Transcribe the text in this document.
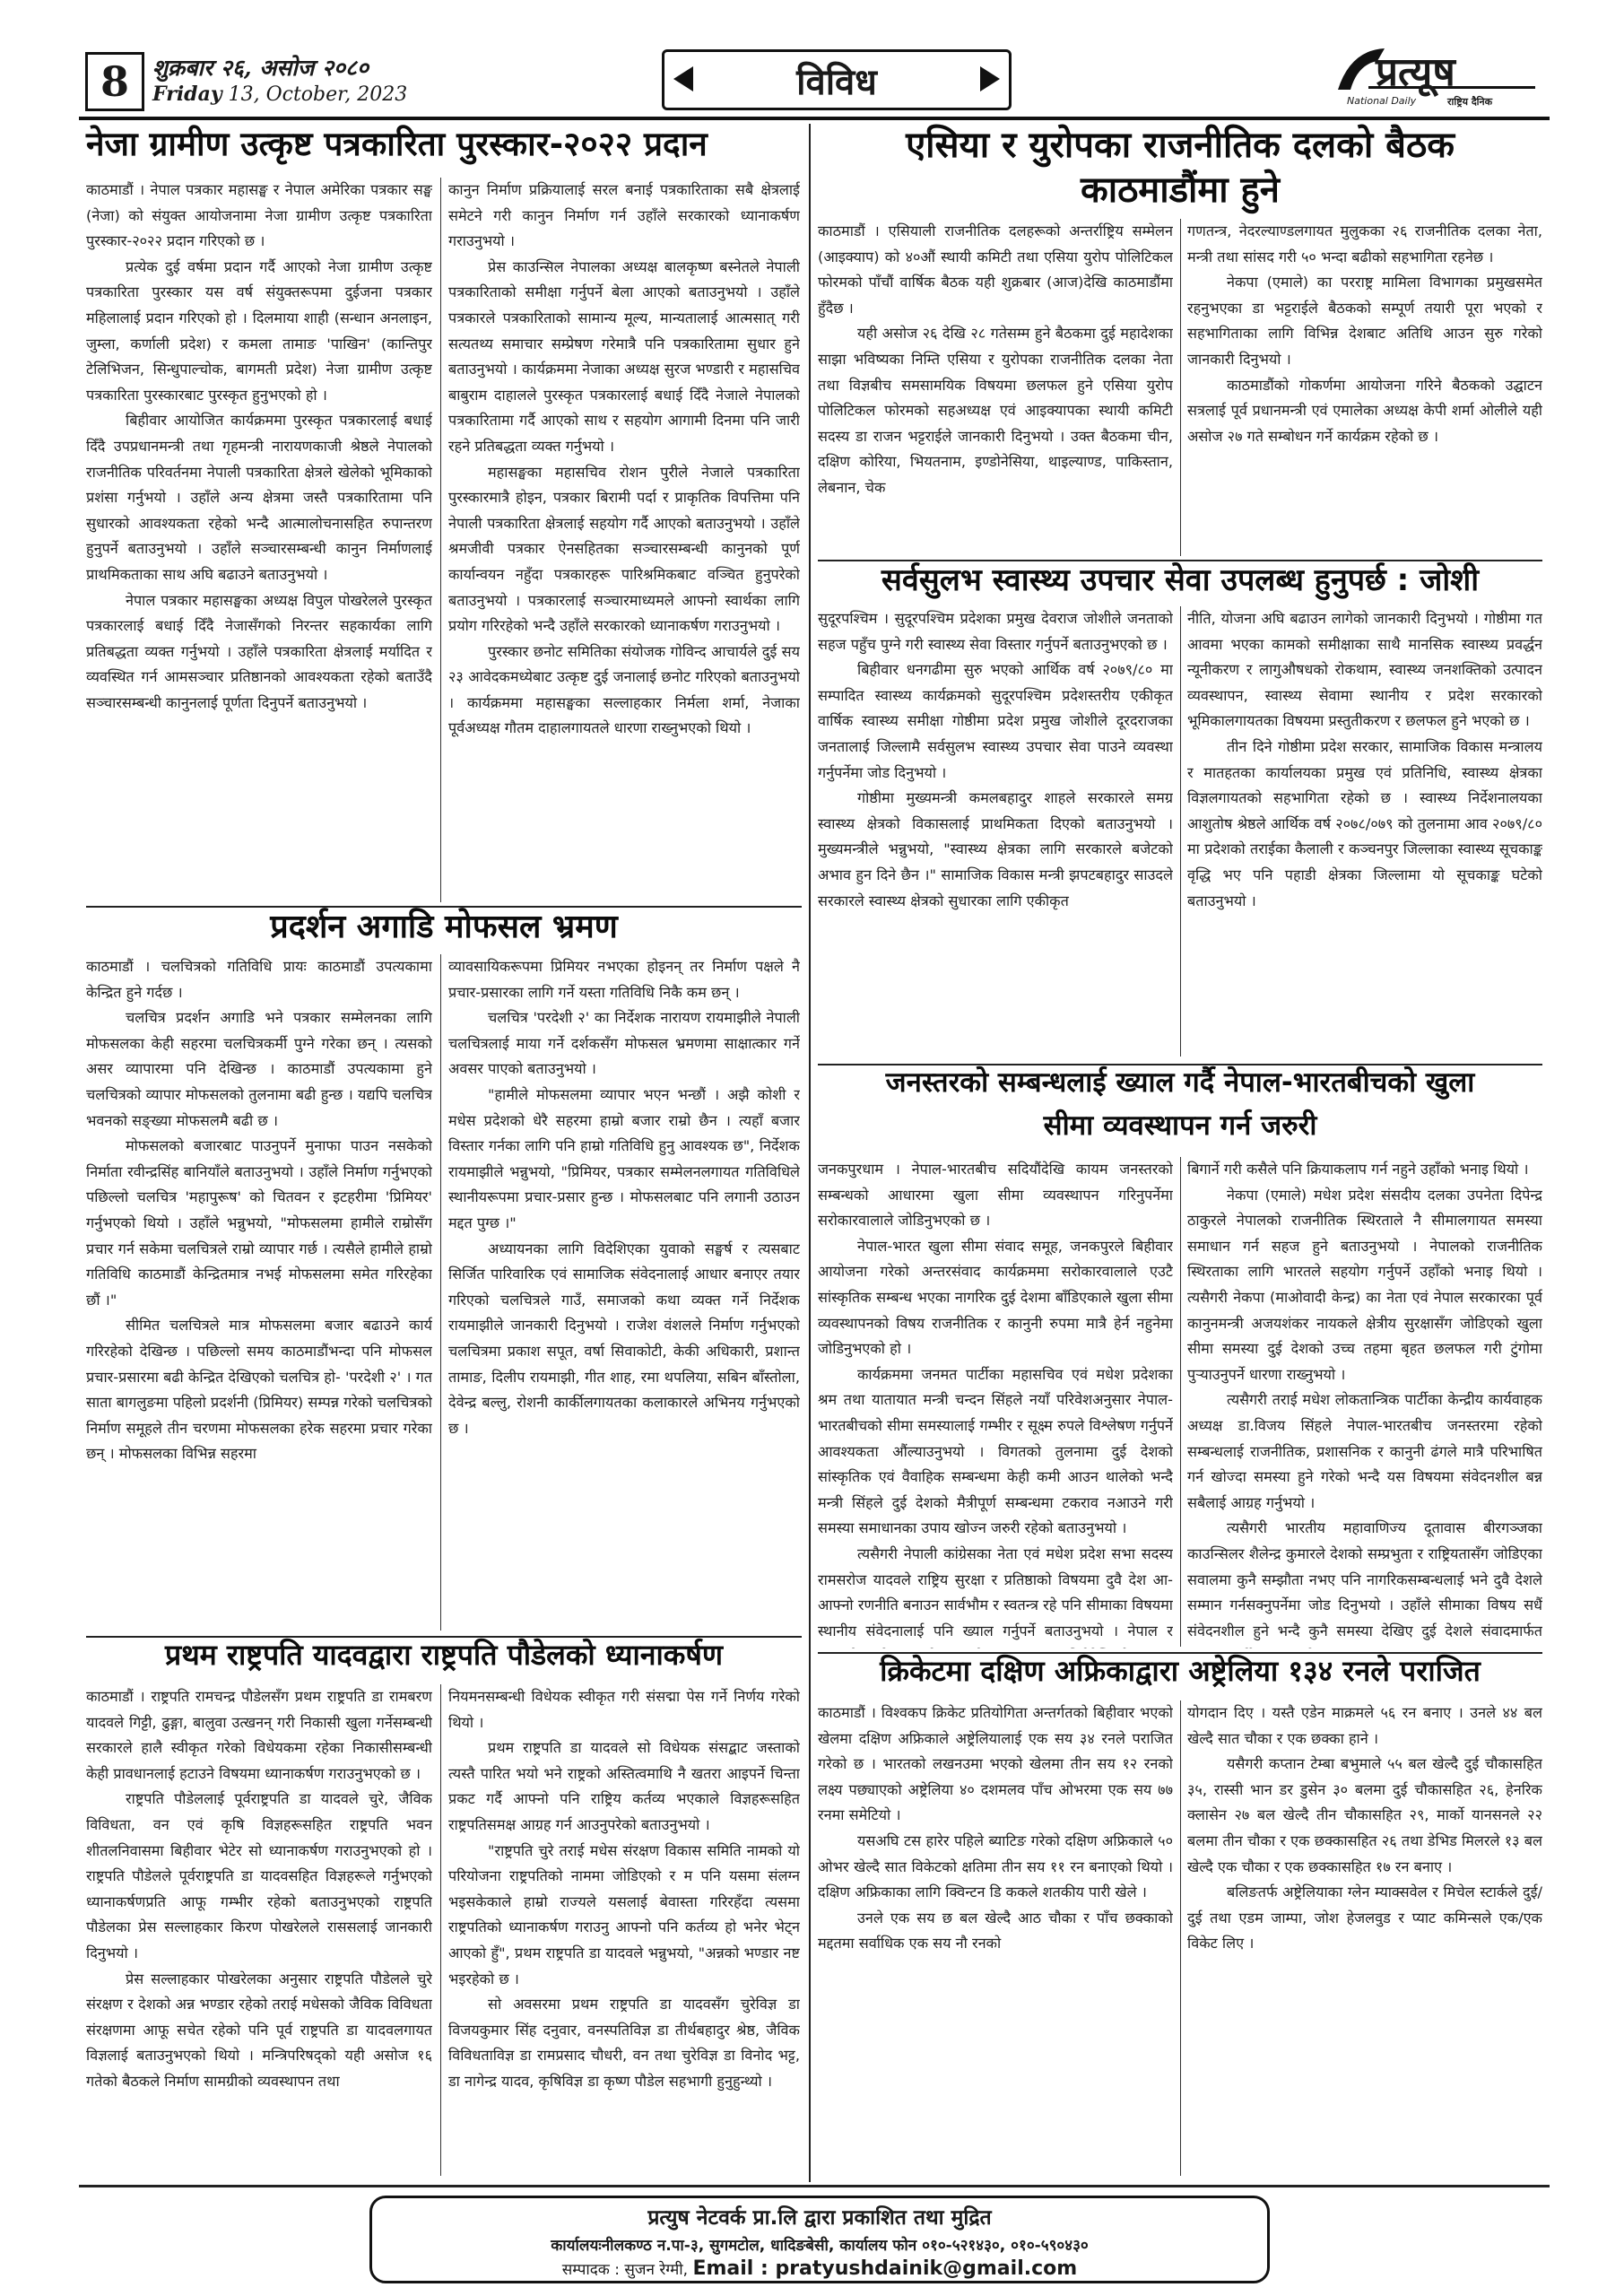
8	शुक्रबार २६, असोज २०८०
Friday 13, October, 2023	विविध	प्रत्यूष
National Daily	राष्ट्रिय दैनिक
नेजा ग्रामीण उत्कृष्ट पत्रकारिता पुरस्कार-२०२२ प्रदान

काठमाडौं । नेपाल पत्रकार महासङ्घ र नेपाल अमेरिका पत्रकार सङ्घ (नेजा) को संयुक्त आयोजनामा नेजा ग्रामीण उत्कृष्ट पत्रकारिता पुरस्कार-२०२२ प्रदान गरिएको छ ।

प्रत्येक दुई वर्षमा प्रदान गर्दै आएको नेजा ग्रामीण उत्कृष्ट पत्रकारिता पुरस्कार यस वर्ष संयुक्तरूपमा दुईजना पत्रकार महिलालाई प्रदान गरिएको हो । दिलमाया शाही (सन्धान अनलाइन, जुम्ला, कर्णाली प्रदेश) र कमला तामाङ 'पाखिन' (कान्तिपुर टेलिभिजन, सिन्धुपाल्चोक, बागमती प्रदेश) नेजा ग्रामीण उत्कृष्ट पत्रकारिता पुरस्कारबाट पुरस्कृत हुनुभएको हो ।

बिहीवार आयोजित कार्यक्रममा पुरस्कृत पत्रकारलाई बधाई दिँदै उपप्रधानमन्त्री तथा गृहमन्त्री नारायणकाजी श्रेष्ठले नेपालको राजनीतिक परिवर्तनमा नेपाली पत्रकारिता क्षेत्रले खेलेको भूमिकाको प्रशंसा गर्नुभयो । उहाँले अन्य क्षेत्रमा जस्तै पत्रकारितामा पनि सुधारको आवश्यकता रहेको भन्दै आत्मालोचनासहित रुपान्तरण हुनुपर्ने बताउनुभयो । उहाँले सञ्चारसम्बन्धी कानुन निर्माणलाई प्राथमिकताका साथ अघि बढाउने बताउनुभयो ।

नेपाल पत्रकार महासङ्घका अध्यक्ष विपुल पोखरेलले पुरस्कृत पत्रकारलाई बधाई दिँदै नेजासँगको निरन्तर सहकार्यका लागि प्रतिबद्धता व्यक्त गर्नुभयो । उहाँले पत्रकारिता क्षेत्रलाई मर्यादित र व्यवस्थित गर्न आमसञ्चार प्रतिष्ठानको आवश्यकता रहेको बताउँदै सञ्चारसम्बन्धी कानुनलाई पूर्णता दिनुपर्ने बताउनुभयो ।

कानुन निर्माण प्रक्रियालाई सरल बनाई पत्रकारिताका सबै क्षेत्रलाई समेटने गरी कानुन निर्माण गर्न उहाँले सरकारको ध्यानाकर्षण गराउनुभयो ।

प्रेस काउन्सिल नेपालका अध्यक्ष बालकृष्ण बस्नेतले नेपाली पत्रकारिताको समीक्षा गर्नुपर्ने बेला आएको बताउनुभयो । उहाँले पत्रकारले पत्रकारिताको सामान्य मूल्य, मान्यतालाई आत्मसात् गरी सत्यतथ्य समाचार सम्प्रेषण गरेमात्रै पनि पत्रकारितामा सुधार हुने बताउनुभयो । कार्यक्रममा नेजाका अध्यक्ष सुरज भण्डारी र महासचिव बाबुराम दाहालले पुरस्कृत पत्रकारलाई बधाई दिँदै नेजाले नेपालको पत्रकारितामा गर्दै आएको साथ र सहयोग आगामी दिनमा पनि जारी रहने प्रतिबद्धता व्यक्त गर्नुभयो ।

महासङ्घका महासचिव रोशन पुरीले नेजाले पत्रकारिता पुरस्कारमात्रै होइन, पत्रकार बिरामी पर्दा र प्राकृतिक विपत्तिमा पनि नेपाली पत्रकारिता क्षेत्रलाई सहयोग गर्दै आएको बताउनुभयो । उहाँले श्रमजीवी पत्रकार ऐनसहितका सञ्चारसम्बन्धी कानुनको पूर्ण कार्यान्वयन नहुँदा पत्रकारहरू पारिश्रमिकबाट वञ्चित हुनुपरेको बताउनुभयो । पत्रकारलाई सञ्चारमाध्यमले आफ्नो स्वार्थका लागि प्रयोग गरिरहेको भन्दै उहाँले सरकारको ध्यानाकर्षण गराउनुभयो ।

पुरस्कार छनोट समितिका संयोजक गोविन्द आचार्यले दुई सय २३ आवेदकमध्येबाट उत्कृष्ट दुई जनालाई छनोट गरिएको बताउनुभयो । कार्यक्रममा महासङ्घका सल्लाहकार निर्मला शर्मा, नेजाका पूर्वअध्यक्ष गौतम दाहालगायतले धारणा राख्नुभएको थियो ।

एसिया र युरोपका राजनीतिक दलको बैठक
काठमाडौंमा हुने

काठमाडौं । एसियाली राजनीतिक दलहरूको अन्तर्राष्ट्रिय सम्मेलन (आइक्याप) को ४०औं स्थायी कमिटी तथा एसिया युरोप पोलिटिकल फोरमको पाँचौं वार्षिक बैठक यही शुक्रबार (आज)देखि काठमाडौंमा हुँदैछ ।

यही असोज २६ देखि २८ गतेसम्म हुने बैठकमा दुई महादेशका साझा भविष्यका निम्ति एसिया र युरोपका राजनीतिक दलका नेता तथा विज्ञबीच समसामयिक विषयमा छलफल हुने एसिया युरोप पोलिटिकल फोरमको सहअध्यक्ष एवं आइक्यापका स्थायी कमिटी सदस्य डा राजन भट्टराईले जानकारी दिनुभयो । उक्त बैठकमा चीन, दक्षिण कोरिया, भियतनाम, इण्डोनेसिया, थाइल्याण्ड, पाकिस्तान, लेबनान, चेक

गणतन्त्र, नेदरल्याण्डलगायत मुलुकका २६ राजनीतिक दलका नेता, मन्त्री तथा सांसद गरी ५० भन्दा बढीको सहभागिता रहनेछ ।

नेकपा (एमाले) का परराष्ट्र मामिला विभागका प्रमुखसमेत रहनुभएका डा भट्टराईले बैठकको सम्पूर्ण तयारी पूरा भएको र सहभागिताका लागि विभिन्न देशबाट अतिथि आउन सुरु गरेको जानकारी दिनुभयो ।

काठमाडौंको गोकर्णमा आयोजना गरिने बैठकको उद्घाटन सत्रलाई पूर्व प्रधानमन्त्री एवं एमालेका अध्यक्ष केपी शर्मा ओलीले यही असोज २७ गते सम्बोधन गर्ने कार्यक्रम रहेको छ ।

सर्वसुलभ स्वास्थ्य उपचार सेवा उपलब्ध हुनुपर्छ : जोशी

सुदूरपश्चिम । सुदूरपश्चिम प्रदेशका प्रमुख देवराज जोशीले जनताको सहज पहुँच पुग्ने गरी स्वास्थ्य सेवा विस्तार गर्नुपर्ने बताउनुभएको छ ।

बिहीवार धनगढीमा सुरु भएको आर्थिक वर्ष २०७९/८० मा सम्पादित स्वास्थ्य कार्यक्रमको सुदूरपश्चिम प्रदेशस्तरीय एकीकृत वार्षिक स्वास्थ्य समीक्षा गोष्ठीमा प्रदेश प्रमुख जोशीले दूरदराजका जनतालाई जिल्लामै सर्वसुलभ स्वास्थ्य उपचार सेवा पाउने व्यवस्था गर्नुपर्नेमा जोड दिनुभयो ।

गोष्ठीमा मुख्यमन्त्री कमलबहादुर शाहले सरकारले समग्र स्वास्थ्य क्षेत्रको विकासलाई प्राथमिकता दिएको बताउनुभयो । मुख्यमन्त्रीले भन्नुभयो, "स्वास्थ्य क्षेत्रका लागि सरकारले बजेटको अभाव हुन दिने छैन ।" सामाजिक विकास मन्त्री झपटबहादुर साउदले सरकारले स्वास्थ्य क्षेत्रको सुधारका लागि एकीकृत

नीति, योजना अघि बढाउन लागेको जानकारी दिनुभयो । गोष्ठीमा गत आवमा भएका कामको समीक्षाका साथै मानसिक स्वास्थ्य प्रवर्द्धन न्यूनीकरण र लागुऔषधको रोकथाम, स्वास्थ्य जनशक्तिको उत्पादन व्यवस्थापन, स्वास्थ्य सेवामा स्थानीय र प्रदेश सरकारको भूमिकालगायतका विषयमा प्रस्तुतीकरण र छलफल हुने भएको छ ।

तीन दिने गोष्ठीमा प्रदेश सरकार, सामाजिक विकास मन्त्रालय र मातहतका कार्यालयका प्रमुख एवं प्रतिनिधि, स्वास्थ्य क्षेत्रका विज्ञलगायतको सहभागिता रहेको छ । स्वास्थ्य निर्देशनालयका आशुतोष श्रेष्ठले आर्थिक वर्ष २०७८/०७९ को तुलनामा आव २०७९/८० मा प्रदेशको तराईका कैलाली र कञ्चनपुर जिल्लाका स्वास्थ्य सूचकाङ्क वृद्धि भए पनि पहाडी क्षेत्रका जिल्लामा यो सूचकाङ्क घटेको बताउनुभयो ।

प्रदर्शन अगाडि मोफसल भ्रमण

काठमाडौं । चलचित्रको गतिविधि प्रायः काठमाडौं उपत्यकामा केन्द्रित हुने गर्दछ ।

चलचित्र प्रदर्शन अगाडि भने पत्रकार सम्मेलनका लागि मोफसलका केही सहरमा चलचित्रकर्मी पुग्ने गरेका छन् । त्यसको असर व्यापारमा पनि देखिन्छ । काठमाडौं उपत्यकामा हुने चलचित्रको व्यापार मोफसलको तुलनामा बढी हुन्छ । यद्यपि चलचित्र भवनको सङ्ख्या मोफसलमै बढी छ ।

मोफसलको बजारबाट पाउनुपर्ने मुनाफा पाउन नसकेको निर्माता रवीन्द्रसिंह बानियाँले बताउनुभयो । उहाँले निर्माण गर्नुभएको पछिल्लो चलचित्र 'महापुरूष' को चितवन र इटहरीमा 'प्रिमियर' गर्नुभएको थियो । उहाँले भन्नुभयो, "मोफसलमा हामीले राम्रोसँग प्रचार गर्न सकेमा चलचित्रले राम्रो व्यापार गर्छ । त्यसैले हामीले हाम्रो गतिविधि काठमाडौं केन्द्रितमात्र नभई मोफसलमा समेत गरिरहेका छौं ।"

सीमित चलचित्रले मात्र मोफसलमा बजार बढाउने कार्य गरिरहेको देखिन्छ । पछिल्लो समय काठमाडौंभन्दा पनि मोफसल प्रचार-प्रसारमा बढी केन्द्रित देखिएको चलचित्र हो- 'परदेशी २' । गत साता बागलुङमा पहिलो प्रदर्शनी (प्रिमियर) सम्पन्न गरेको चलचित्रको निर्माण समूहले तीन चरणमा मोफसलका हरेक सहरमा प्रचार गरेका छन् । मोफसलका विभिन्न सहरमा

व्यावसायिकरूपमा प्रिमियर नभएका होइनन् तर निर्माण पक्षले नै प्रचार-प्रसारका लागि गर्ने यस्ता गतिविधि निकै कम छन् ।

चलचित्र 'परदेशी २' का निर्देशक नारायण रायमाझीले नेपाली चलचित्रलाई माया गर्ने दर्शकसँग मोफसल भ्रमणमा साक्षात्कार गर्ने अवसर पाएको बताउनुभयो ।

"हामीले मोफसलमा व्यापार भएन भन्छौं । अझै कोशी र मधेस प्रदेशको धेरै सहरमा हाम्रो बजार राम्रो छैन । त्यहाँ बजार विस्तार गर्नका लागि पनि हाम्रो गतिविधि हुनु आवश्यक छ", निर्देशक रायमाझीले भन्नुभयो, "प्रिमियर, पत्रकार सम्मेलनलगायत गतिविधिले स्थानीयरूपमा प्रचार-प्रसार हुन्छ । मोफसलबाट पनि लगानी उठाउन मद्दत पुग्छ ।"

अध्यायनका लागि विदेशिएका युवाको सङ्घर्ष र त्यसबाट सिर्जित पारिवारिक एवं सामाजिक संवेदनालाई आधार बनाएर तयार गरिएको चलचित्रले गाउँ, समाजको कथा व्यक्त गर्ने निर्देशक रायमाझीले जानकारी दिनुभयो । राजेश वंशलले निर्माण गर्नुभएको चलचित्रमा प्रकाश सपूत, वर्षा सिवाकोटी, केकी अधिकारी, प्रशान्त तामाङ, दिलीप रायमाझी, गीत शाह, रमा थपलिया, सबिन बाँस्तोला, देवेन्द्र बल्लु, रोशनी कार्कीलगायतका कलाकारले अभिनय गर्नुभएको छ ।

जनस्तरको सम्बन्धलाई ख्याल गर्दै नेपाल-भारतबीचको खुला
सीमा व्यवस्थापन गर्न जरुरी

जनकपुरधाम । नेपाल-भारतबीच सदियौंदेखि कायम जनस्तरको सम्बन्धको आधारमा खुला सीमा व्यवस्थापन गरिनुपर्नेमा सरोकारवालाले जोडिनुभएको छ ।

नेपाल-भारत खुला सीमा संवाद समूह, जनकपुरले बिहीवार आयोजना गरेको अन्तरसंवाद कार्यक्रममा सरोकारवालाले एउटै सांस्कृतिक सम्बन्ध भएका नागरिक दुई देशमा बाँडिएकाले खुला सीमा व्यवस्थापनको विषय राजनीतिक र कानुनी रुपमा मात्रै हेर्न नहुनेमा जोडिनुभएको हो ।

कार्यक्रममा जनमत पार्टीका महासचिव एवं मधेश प्रदेशका श्रम तथा यातायात मन्त्री चन्दन सिंहले नयाँ परिवेशअनुसार नेपाल-भारतबीचको सीमा समस्यालाई गम्भीर र सूक्ष्म रुपले विश्लेषण गर्नुपर्ने आवश्यकता औंल्याउनुभयो । विगतको तुलनामा दुई देशको सांस्कृतिक एवं वैवाहिक सम्बन्धमा केही कमी आउन थालेको भन्दै मन्त्री सिंहले दुई देशको मैत्रीपूर्ण सम्बन्धमा टकराव नआउने गरी समस्या समाधानका उपाय खोज्न जरुरी रहेको बताउनुभयो ।

त्यसैगरी नेपाली कांग्रेसका नेता एवं मधेश प्रदेश सभा सदस्य रामसरोज यादवले राष्ट्रिय सुरक्षा र प्रतिष्ठाको विषयमा दुवै देश आ-आफ्नो रणनीति बनाउन सार्वभौम र स्वतन्त्र रहे पनि सीमाका विषयमा स्थानीय संवेदनालाई पनि ख्याल गर्नुपर्ने बताउनुभयो । नेपाल र

बिगार्ने गरी कसैले पनि क्रियाकलाप गर्न नहुने उहाँको भनाइ थियो ।

नेकपा (एमाले) मधेश प्रदेश संसदीय दलका उपनेता दिपेन्द्र ठाकुरले नेपालको राजनीतिक स्थिरताले नै सीमालगायत समस्या समाधान गर्न सहज हुने बताउनुभयो । नेपालको राजनीतिक स्थिरताका लागि भारतले सहयोग गर्नुपर्ने उहाँको भनाइ थियो । त्यसैगरी नेकपा (माओवादी केन्द्र) का नेता एवं नेपाल सरकारका पूर्व कानुनमन्त्री अजयशंकर नायकले क्षेत्रीय सुरक्षासँग जोडिएको खुला सीमा समस्या दुई देशको उच्च तहमा बृहत छलफल गरी टुंगोमा पुऱ्याउनुपर्ने धारणा राख्नुभयो ।

त्यसैगरी तराई मधेश लोकतान्त्रिक पार्टीका केन्द्रीय कार्यवाहक अध्यक्ष डा.विजय सिंहले नेपाल-भारतबीच जनस्तरमा रहेको सम्बन्धलाई राजनीतिक, प्रशासनिक र कानुनी ढंगले मात्रै परिभाषित गर्न खोज्दा समस्या हुने गरेको भन्दै यस विषयमा संवेदनशील बन्न सबैलाई आग्रह गर्नुभयो ।

त्यसैगरी भारतीय महावाणिज्य दूतावास बीरगञ्जका काउन्सिलर शैलेन्द्र कुमारले देशको सम्प्रभुता र राष्ट्रियतासँग जोडिएका सवालमा कुनै सम्झौता नभए पनि नागरिकसम्बन्धलाई भने दुवै देशले सम्मान गर्नसक्नुपर्नेमा जोड दिनुभयो । उहाँले सीमाका विषय सधैं संवेदनशील हुने भन्दै कुनै समस्या देखिए दुई देशले संवादमार्फत

प्रथम राष्ट्रपति यादवद्वारा राष्ट्रपति पौडेलको ध्यानाकर्षण

काठमाडौं । राष्ट्रपति रामचन्द्र पौडेलसँग प्रथम राष्ट्रपति डा रामबरण यादवले गिट्टी, ढुङ्गा, बालुवा उत्खनन् गरी निकासी खुला गर्नेसम्बन्धी सरकारले हालै स्वीकृत गरेको विधेयकमा रहेका निकासीसम्बन्धी केही प्रावधानलाई हटाउने विषयमा ध्यानाकर्षण गराउनुभएको छ ।

राष्ट्रपति पौडेललाई पूर्वराष्ट्रपति डा यादवले चुरे, जैविक विविधता, वन एवं कृषि विज्ञहरूसहित राष्ट्रपति भवन शीतलनिवासमा बिहीवार भेटेर सो ध्यानाकर्षण गराउनुभएको हो । राष्ट्रपति पौडेलले पूर्वराष्ट्रपति डा यादवसहित विज्ञहरूले गर्नुभएको ध्यानाकर्षणप्रति आफू गम्भीर रहेको बताउनुभएको राष्ट्रपति पौडेलका प्रेस सल्लाहकार किरण पोखरेलले राससलाई जानकारी दिनुभयो ।

प्रेस सल्लाहकार पोखरेलका अनुसार राष्ट्रपति पौडेलले चुरे संरक्षण र देशको अन्न भण्डार रहेको तराई मधेसको जैविक विविधता संरक्षणमा आफू सचेत रहेको पनि पूर्व राष्ट्रपति डा यादवलगायत विज्ञलाई बताउनुभएको थियो । मन्त्रिपरिषद्को यही असोज १६ गतेको बैठकले निर्माण सामग्रीको व्यवस्थापन तथा

नियमनसम्बन्धी विधेयक स्वीकृत गरी संसद्मा पेस गर्ने निर्णय गरेको थियो ।

प्रथम राष्ट्रपति डा यादवले सो विधेयक संसद्बाट जस्ताको त्यस्तै पारित भयो भने राष्ट्रको अस्तित्वमाथि नै खतरा आइपर्ने चिन्ता प्रकट गर्दै आफ्नो पनि राष्ट्रिय कर्तव्य भएकाले विज्ञहरूसहित राष्ट्रपतिसमक्ष आग्रह गर्न आउनुपरेको बताउनुभयो ।

"राष्ट्रपति चुरे तराई मधेस संरक्षण विकास समिति नामको यो परियोजना राष्ट्रपतिको नाममा जोडिएको र म पनि यसमा संलग्न भइसकेकाले हाम्रो राज्यले यसलाई बेवास्ता गरिरहँदा त्यसमा राष्ट्रपतिको ध्यानाकर्षण गराउनु आफ्नो पनि कर्तव्य हो भनेर भेट्न आएको हुँ", प्रथम राष्ट्रपति डा यादवले भन्नुभयो, "अन्नको भण्डार नष्ट भइरहेको छ ।

सो अवसरमा प्रथम राष्ट्रपति डा यादवसँग चुरेविज्ञ डा विजयकुमार सिंह दनुवार, वनस्पतिविज्ञ डा तीर्थबहादुर श्रेष्ठ, जैविक विविधताविज्ञ डा रामप्रसाद चौधरी, वन तथा चुरेविज्ञ डा विनोद भट्ट, डा नागेन्द्र यादव, कृषिविज्ञ डा कृष्ण पौडेल सहभागी हुनुहुन्थ्यो ।

क्रिकेटमा दक्षिण अफ्रिकाद्वारा अष्ट्रेलिया १३४ रनले पराजित

काठमाडौं । विश्वकप क्रिकेट प्रतियोगिता अन्तर्गतको बिहीवार भएको खेलमा दक्षिण अफ्रिकाले अष्ट्रेलियालाई एक सय ३४ रनले पराजित गरेको छ । भारतको लखनउमा भएको खेलमा तीन सय १२ रनको लक्ष्य पछ्याएको अष्ट्रेलिया ४० दशमलव पाँच ओभरमा एक सय ७७ रनमा समेटियो ।

यसअघि टस हारेर पहिले ब्याटिङ गरेको दक्षिण अफ्रिकाले ५० ओभर खेल्दै सात विकेटको क्षतिमा तीन सय ११ रन बनाएको थियो । दक्षिण अफ्रिकाका लागि क्विन्टन डि ककले शतकीय पारी खेले ।

उनले एक सय छ बल खेल्दै आठ चौका र पाँच छक्काको मद्दतमा सर्वाधिक एक सय नौ रनको

योगदान दिए । यस्तै एडेन माक्रमले ५६ रन बनाए । उनले ४४ बल खेल्दै सात चौका र एक छक्का हाने ।

यसैगरी कप्तान टेम्बा बभुमाले ५५ बल खेल्दै दुई चौकासहित ३५, रास्सी भान डर डुसेन ३० बलमा दुई चौकासहित २६, हेनरिक क्लासेन २७ बल खेल्दै तीन चौकासहित २९, मार्को यानसनले २२ बलमा तीन चौका र एक छक्कासहित २६ तथा डेभिड मिलरले १३ बल खेल्दै एक चौका र एक छक्कासहित १७ रन बनाए ।

बलिङतर्फ अष्ट्रेलियाका ग्लेन म्याक्सवेल र मिचेल स्टार्कले दुई/दुई तथा एडम जाम्पा, जोश हेजलवुड र प्याट कमिन्सले एक/एक विकेट लिए ।

प्रत्युष नेटवर्क प्रा.लि द्वारा प्रकाशित तथा मुद्रित
कार्यालयःनीलकण्ठ न.पा-३, सुगमटोल, धादिङबेसी, कार्यालय फोन ०१०-५२१४३०, ०१०-५९०४३०
सम्पादक : सुजन रेग्मी, Email : pratyushdainik@gmail.com
